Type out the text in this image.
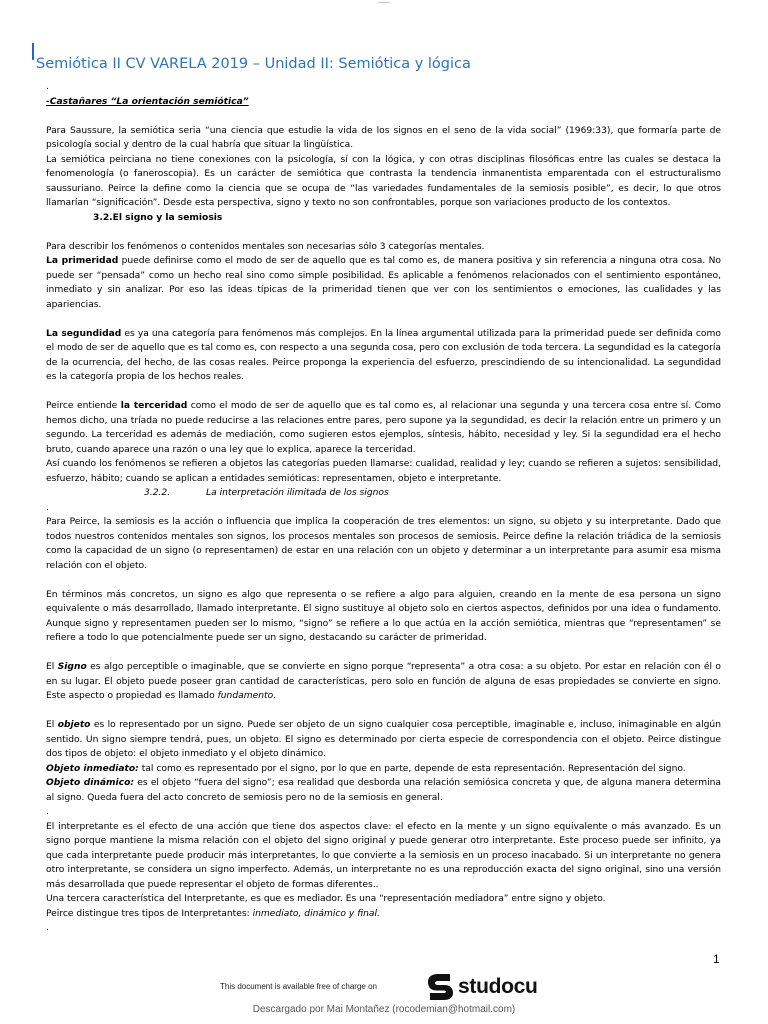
Semiótica II CV VARELA 2019 – Unidad II: Semiótica y lógica

.

-Castañares “La orientación semiótica”

Para Saussure, la semiótica seria “una ciencia que estudie la vida de los signos en el seno de la vida social” (1969:33), que formaría parte de psicología social y dentro de la cual habría que situar la lingüística.

La semiótica peirciana no tiene conexiones con la psicología, sí con la lógica, y con otras disciplinas filosóficas entre las cuales se destaca la fenomenología (o faneroscopia). Es un carácter de semiótica que contrasta la tendencia inmanentista emparentada con el estructuralismo saussuriano. Peirce la define como la ciencia que se ocupa de “las variedades fundamentales de la semiosis posible”, es decir, lo que otros llamarían “significación”. Desde esta perspectiva, signo y texto no son confrontables, porque son variaciones producto de los contextos.

3.2.El signo y la semiosis

Para describir los fenómenos o contenidos mentales son necesarias sólo 3 categorías mentales.

La primeridad puede definirse como el modo de ser de aquello que es tal como es, de manera positiva y sin referencia a ninguna otra cosa. No puede ser “pensada” como un hecho real sino como simple posibilidad. Es aplicable a fenómenos relacionados con el sentimiento espontáneo, inmediato y sin analizar. Por eso las ideas típicas de la primeridad tienen que ver con los sentimientos o emociones, las cualidades y las apariencias.

La segundidad es ya una categoría para fenómenos más complejos. En la línea argumental utilizada para la primeridad puede ser definida como el modo de ser de aquello que es tal como es, con respecto a una segunda cosa, pero con exclusión de toda tercera. La segundidad es la categoría de la ocurrencia, del hecho, de las cosas reales. Peirce proponga la experiencia del esfuerzo, prescindiendo de su intencionalidad. La segundidad es la categoría propia de los hechos reales.

Peirce entiende la terceridad como el modo de ser de aquello que es tal como es, al relacionar una segunda y una tercera cosa entre sí. Como hemos dicho, una tríada no puede reducirse a las relaciones entre pares, pero supone ya la segundidad, es decir la relación entre un primero y un segundo. La terceridad es además de mediación, como sugieren estos ejemplos, síntesis, hábito, necesidad y ley. Si la segundidad era el hecho bruto, cuando aparece una razón o una ley que lo explica, aparece la terceridad.

Así cuando los fenómenos se refieren a objetos las categorías pueden llamarse: cualidad, realidad y ley; cuando se refieren a sujetos: sensibilidad, esfuerzo, hábito; cuando se aplican a entidades semióticas: representamen, objeto e interpretante.

3.2.2.	La interpretación ilimitada de los signos

.

Para Peirce, la semiosis es la acción o influencia que implica la cooperación de tres elementos: un signo, su objeto y su interpretante. Dado que todos nuestros contenidos mentales son signos, los procesos mentales son procesos de semiosis. Peirce define la relación triádica de la semiosis como la capacidad de un signo (o representamen) de estar en una relación con un objeto y determinar a un interpretante para asumir esa misma relación con el objeto.

En términos más concretos, un signo es algo que representa o se refiere a algo para alguien, creando en la mente de esa persona un signo equivalente o más desarrollado, llamado interpretante. El signo sustituye al objeto solo en ciertos aspectos, definidos por una idea o fundamento. Aunque signo y representamen pueden ser lo mismo, “signo” se refiere a lo que actúa en la acción semiótica, mientras que “representamen” se refiere a todo lo que potencialmente puede ser un signo, destacando su carácter de primeridad.

El Signo es algo perceptible o imaginable, que se convierte en signo porque “representa” a otra cosa: a su objeto. Por estar en relación con él o en su lugar. El objeto puede poseer gran cantidad de características, pero solo en función de alguna de esas propiedades se convierte en signo. Este aspecto o propiedad es llamado fundamento.

El objeto es lo representado por un signo. Puede ser objeto de un signo cualquier cosa perceptible, imaginable e, incluso, inimaginable en algún sentido. Un signo siempre tendrá, pues, un objeto. El signo es determinado por cierta especie de correspondencia con el objeto. Peirce distingue dos tipos de objeto: el objeto inmediato y el objeto dinámico.

Objeto inmediato: tal como es representado por el signo, por lo que en parte, depende de esta representación. Representación del signo.

Objeto dinámico: es el objeto “fuera del signo”; esa realidad que desborda una relación semiósica concreta y que, de alguna manera determina al signo. Queda fuera del acto concreto de semiosis pero no de la semiosis en general.

.

El interpretante es el efecto de una acción que tiene dos aspectos clave: el efecto en la mente y un signo equivalente o más avanzado. Es un signo porque mantiene la misma relación con el objeto del signo original y puede generar otro interpretante. Este proceso puede ser infinito, ya que cada interpretante puede producir más interpretantes, lo que convierte a la semiosis en un proceso inacabado. Si un interpretante no genera otro interpretante, se considera un signo imperfecto. Además, un interpretante no es una reproducción exacta del signo original, sino una versión más desarrollada que puede representar el objeto de formas diferentes..

Una tercera característica del Interpretante, es que es mediador. Es una “representación mediadora” entre signo y objeto.

Peirce distingue tres tipos de Interpretantes: inmediato, dinámico y final.

.

1
This document is available free of charge on	studocu
Descargado por Mai Montañez (rocodemian@hotmail.com)
